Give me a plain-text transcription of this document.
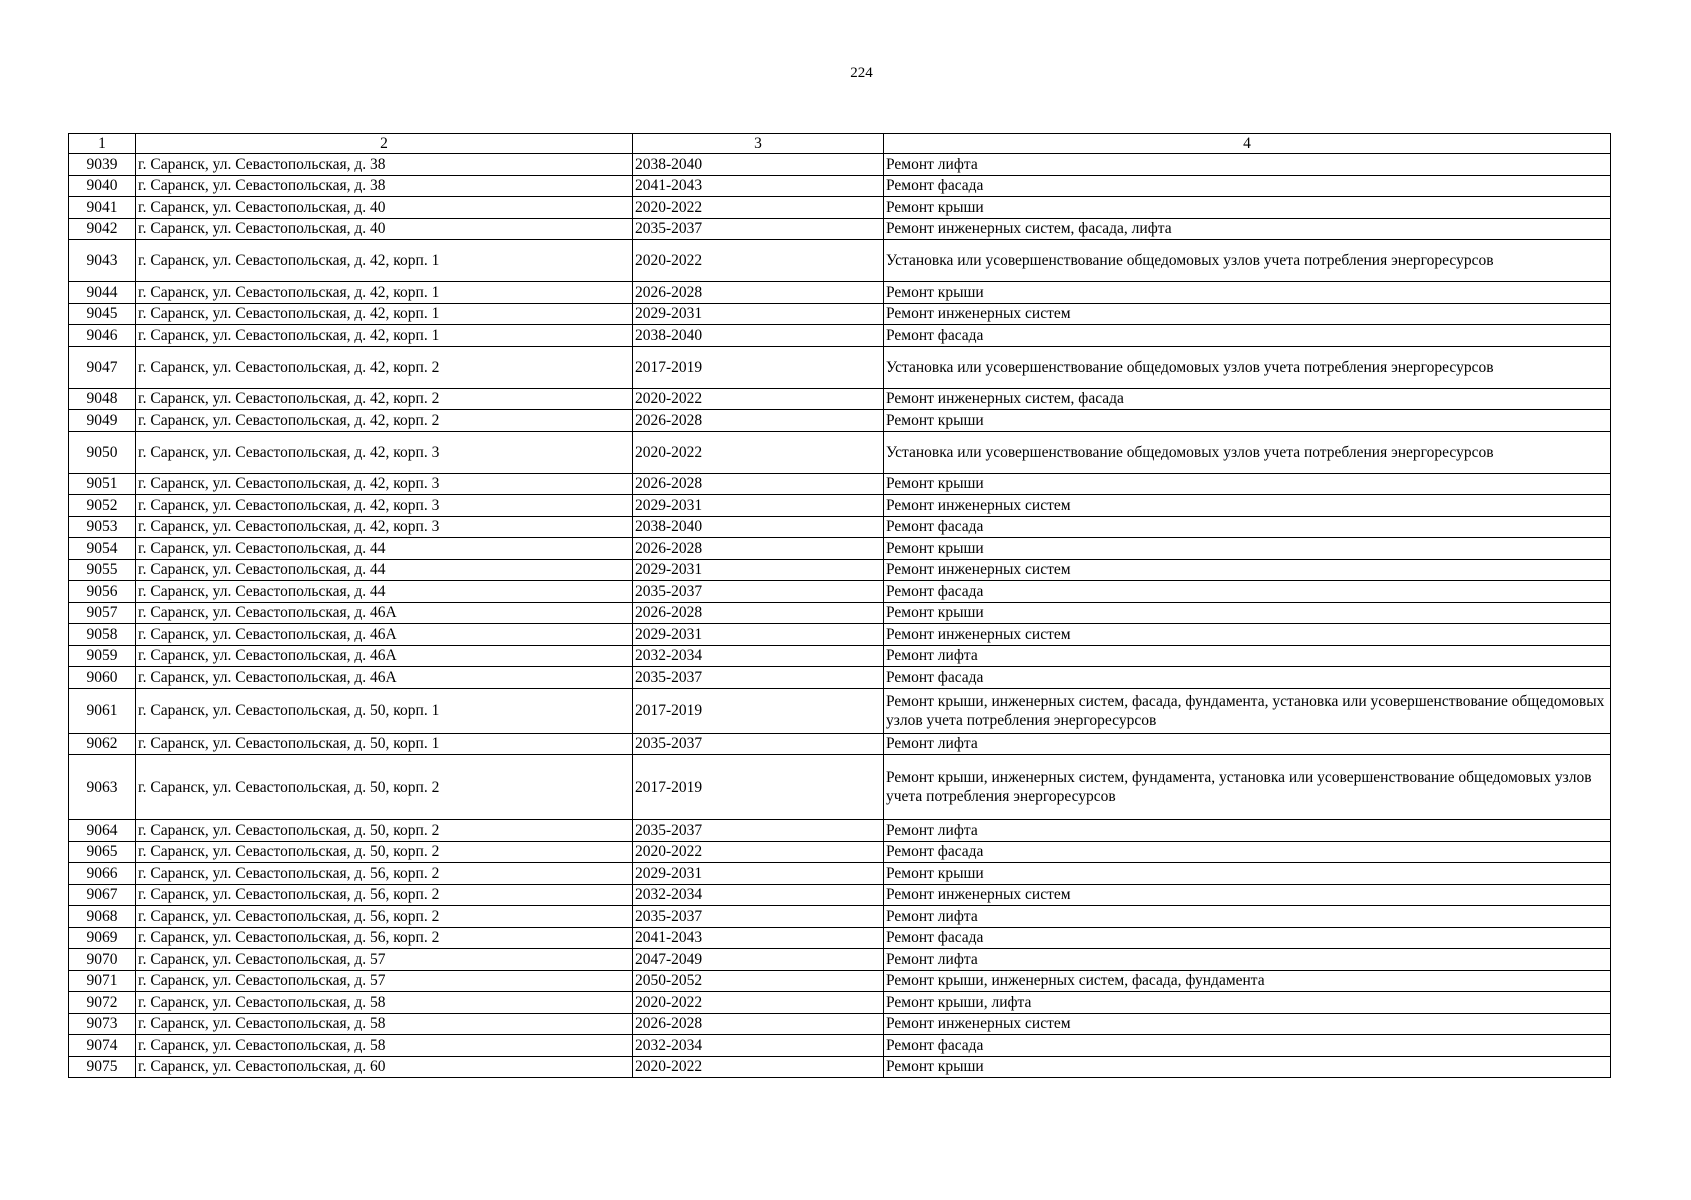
224
1	2	3	4
9039	г. Саранск, ул. Севастопольская, д. 38	2038-2040	Ремонт лифта
9040	г. Саранск, ул. Севастопольская, д. 38	2041-2043	Ремонт фасада
9041	г. Саранск, ул. Севастопольская, д. 40	2020-2022	Ремонт крыши
9042	г. Саранск, ул. Севастопольская, д. 40	2035-2037	Ремонт инженерных систем, фасада, лифта
9043	г. Саранск, ул. Севастопольская, д. 42, корп. 1	2020-2022	Установка или усовершенствование общедомовых узлов учета потребления энергоресурсов
9044	г. Саранск, ул. Севастопольская, д. 42, корп. 1	2026-2028	Ремонт крыши
9045	г. Саранск, ул. Севастопольская, д. 42, корп. 1	2029-2031	Ремонт инженерных систем
9046	г. Саранск, ул. Севастопольская, д. 42, корп. 1	2038-2040	Ремонт фасада
9047	г. Саранск, ул. Севастопольская, д. 42, корп. 2	2017-2019	Установка или усовершенствование общедомовых узлов учета потребления энергоресурсов
9048	г. Саранск, ул. Севастопольская, д. 42, корп. 2	2020-2022	Ремонт инженерных систем, фасада
9049	г. Саранск, ул. Севастопольская, д. 42, корп. 2	2026-2028	Ремонт крыши
9050	г. Саранск, ул. Севастопольская, д. 42, корп. 3	2020-2022	Установка или усовершенствование общедомовых узлов учета потребления энергоресурсов
9051	г. Саранск, ул. Севастопольская, д. 42, корп. 3	2026-2028	Ремонт крыши
9052	г. Саранск, ул. Севастопольская, д. 42, корп. 3	2029-2031	Ремонт инженерных систем
9053	г. Саранск, ул. Севастопольская, д. 42, корп. 3	2038-2040	Ремонт фасада
9054	г. Саранск, ул. Севастопольская, д. 44	2026-2028	Ремонт крыши
9055	г. Саранск, ул. Севастопольская, д. 44	2029-2031	Ремонт инженерных систем
9056	г. Саранск, ул. Севастопольская, д. 44	2035-2037	Ремонт фасада
9057	г. Саранск, ул. Севастопольская, д. 46А	2026-2028	Ремонт крыши
9058	г. Саранск, ул. Севастопольская, д. 46А	2029-2031	Ремонт инженерных систем
9059	г. Саранск, ул. Севастопольская, д. 46А	2032-2034	Ремонт лифта
9060	г. Саранск, ул. Севастопольская, д. 46А	2035-2037	Ремонт фасада
9061	г. Саранск, ул. Севастопольская, д. 50, корп. 1	2017-2019	Ремонт крыши, инженерных систем, фасада, фундамента, установка или усовершенствование общедомовых узлов учета потребления энергоресурсов
9062	г. Саранск, ул. Севастопольская, д. 50, корп. 1	2035-2037	Ремонт лифта
9063	г. Саранск, ул. Севастопольская, д. 50, корп. 2	2017-2019	Ремонт крыши, инженерных систем, фундамента, установка или усовершенствование общедомовых узлов учета потребления энергоресурсов
9064	г. Саранск, ул. Севастопольская, д. 50, корп. 2	2035-2037	Ремонт лифта
9065	г. Саранск, ул. Севастопольская, д. 50, корп. 2	2020-2022	Ремонт фасада
9066	г. Саранск, ул. Севастопольская, д. 56, корп. 2	2029-2031	Ремонт крыши
9067	г. Саранск, ул. Севастопольская, д. 56, корп. 2	2032-2034	Ремонт инженерных систем
9068	г. Саранск, ул. Севастопольская, д. 56, корп. 2	2035-2037	Ремонт лифта
9069	г. Саранск, ул. Севастопольская, д. 56, корп. 2	2041-2043	Ремонт фасада
9070	г. Саранск, ул. Севастопольская, д. 57	2047-2049	Ремонт лифта
9071	г. Саранск, ул. Севастопольская, д. 57	2050-2052	Ремонт крыши, инженерных систем, фасада, фундамента
9072	г. Саранск, ул. Севастопольская, д. 58	2020-2022	Ремонт крыши, лифта
9073	г. Саранск, ул. Севастопольская, д. 58	2026-2028	Ремонт инженерных систем
9074	г. Саранск, ул. Севастопольская, д. 58	2032-2034	Ремонт фасада
9075	г. Саранск, ул. Севастопольская, д. 60	2020-2022	Ремонт крыши
